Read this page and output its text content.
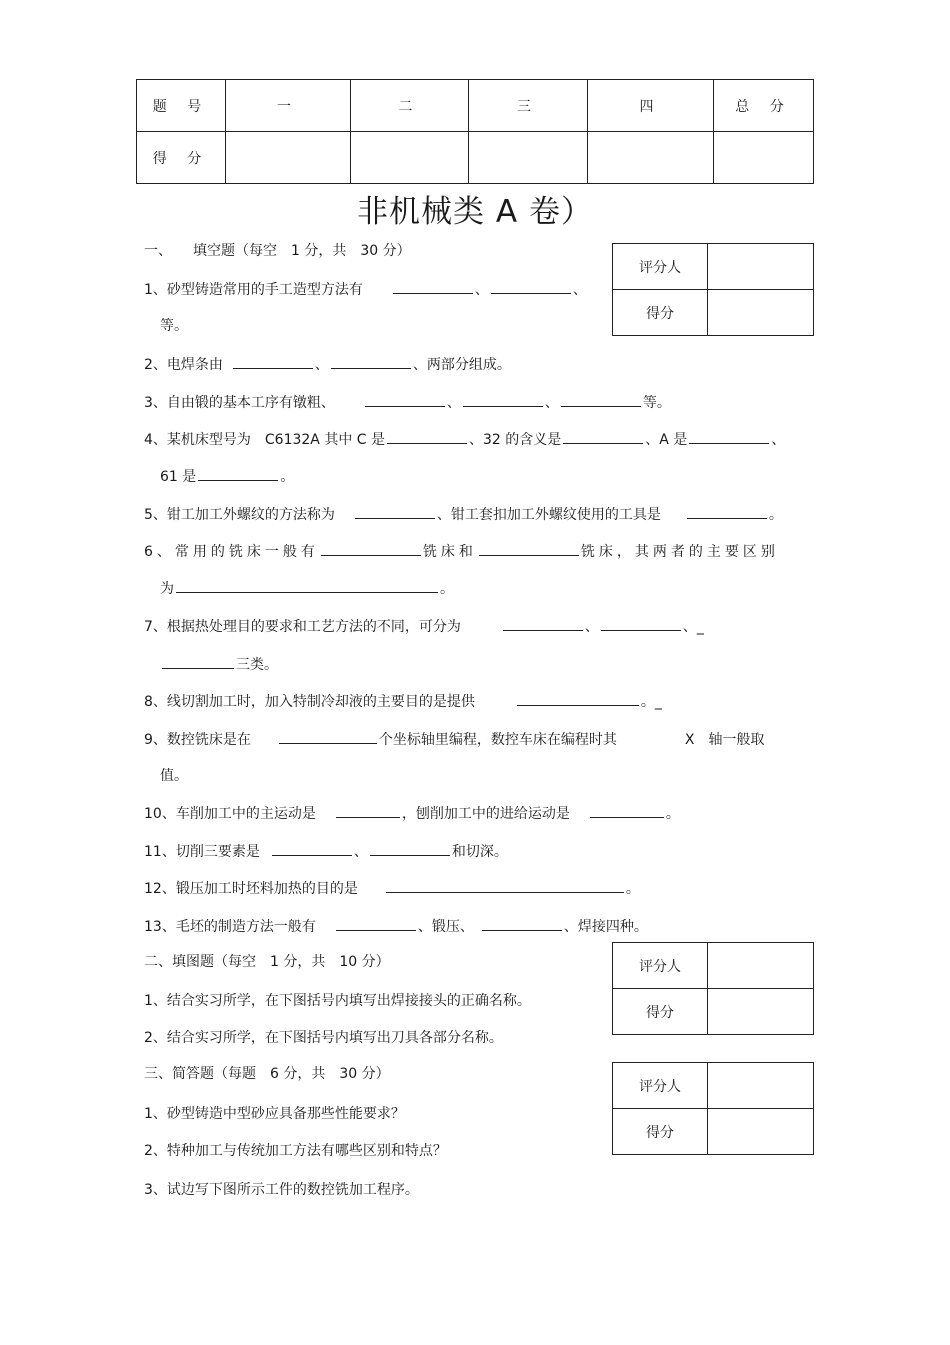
题 号	一	二	三	四	总 分
得 分					
非机械类 A 卷）
评分人	
得分	
评分人	
得分	
评分人	
得分	
一、　　填空题（每空　1 分，共　30 分）
1、砂型铸造常用的手工造型方法有	、	、
等。
2、电焊条由	、	、两部分组成。
3、自由锻的基本工序有镦粗、	、	、	等。
4、某机床型号为　C6132A 其中 C 是	、32 的含义是	、A 是	、
61 是	。
5、钳工加工外螺纹的方法称为	、钳工套扣加工外螺纹使用的工具是	。
6、常用的铣床一般有	铣床和	铣床，其两者的主要区别
为	。
7、根据热处理目的要求和工艺方法的不同，可分为	、	、_
三类。
8、线切割加工时，加入特制冷却液的主要目的是提供	。_
9、数控铣床是在	个坐标轴里编程，数控车床在编程时其	X　轴一般取
值。
10、车削加工中的主运动是	，刨削加工中的进给运动是	。
11、切削三要素是	、	和切深。
12、锻压加工时坯料加热的目的是	。
13、毛坯的制造方法一般有	、锻压、	、焊接四种。
二、填图题（每空　1 分，共　10 分）
1、结合实习所学，在下图括号内填写出焊接接头的正确名称。
2、结合实习所学，在下图括号内填写出刀具各部分名称。
三、简答题（每题　6 分，共　30 分）
1、砂型铸造中型砂应具备那些性能要求？
2、特种加工与传统加工方法有哪些区别和特点？
3、试边写下图所示工件的数控铣加工程序。
